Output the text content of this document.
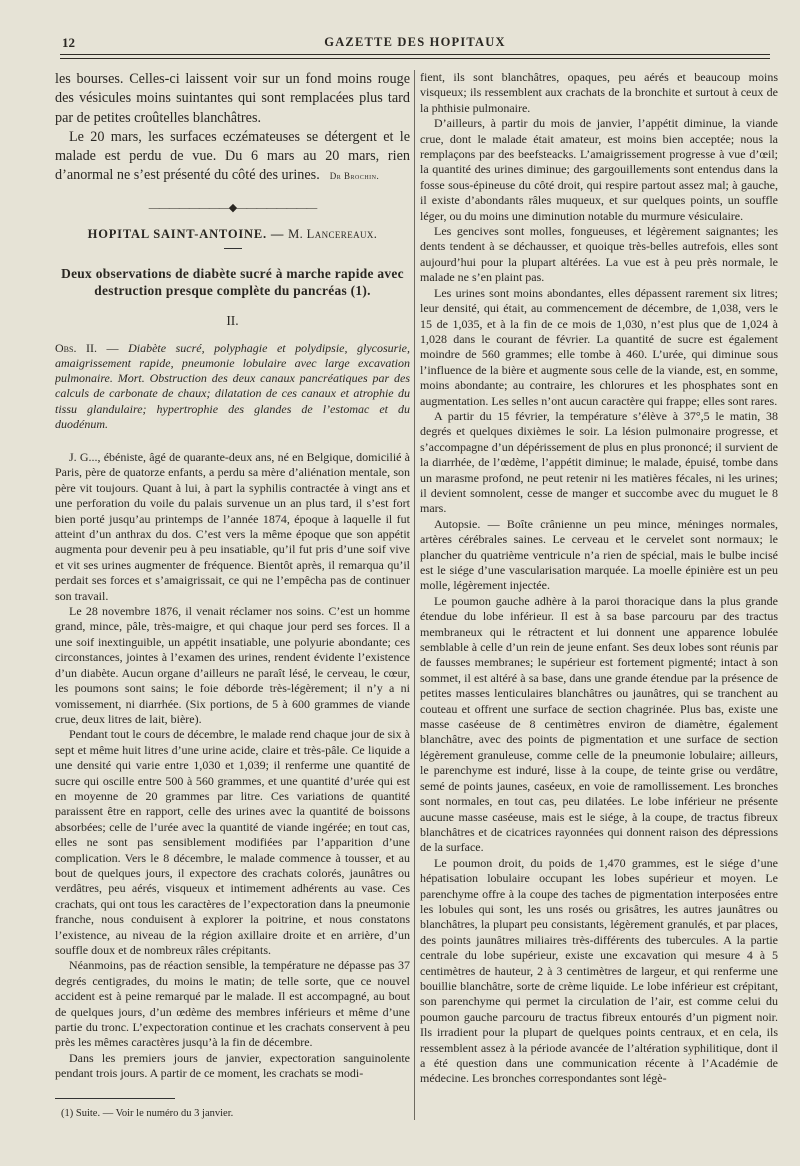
12	GAZETTE DES HOPITAUX

les bourses. Celles-ci laissent voir sur un fond moins rouge des vésicules moins suintantes qui sont remplacées plus tard par de petites croûtelles blanchâtres.

Le 20 mars, les surfaces eczémateuses se détergent et le malade est perdu de vue. Du 6 mars au 20 mars, rien d’anormal ne s’est présenté du côté des urines. Dr Brochin.

————————◆————————

HOPITAL SAINT-ANTOINE. — M. Lancereaux.

Deux observations de diabète sucré à marche rapide avec destruction presque complète du pancréas (1).

II.

Obs. II. — Diabète sucré, polyphagie et polydipsie, glycosurie, amaigrissement rapide, pneumonie lobulaire avec large excavation pulmonaire. Mort. Obstruction des deux canaux pancréatiques par des calculs de carbonate de chaux; dilatation de ces canaux et atrophie du tissu glandulaire; hypertrophie des glandes de l’estomac et du duodénum.

J. G..., ébéniste, âgé de quarante-deux ans, né en Belgique, domicilié à Paris, père de quatorze enfants, a perdu sa mère d’aliénation mentale, son père vit toujours. Quant à lui, à part la syphilis contractée à vingt ans et une perforation du voile du palais survenue un an plus tard, il s’est fort bien porté jusqu’au printemps de l’année 1874, époque à laquelle il fut atteint d’un anthrax du dos. C’est vers la même époque que son appétit augmenta pour devenir peu à peu insatiable, qu’il fut pris d’une soif vive et vit ses urines augmenter de fréquence. Bientôt après, il remarqua qu’il perdait ses forces et s’amaigrissait, ce qui ne l’empêcha pas de continuer son travail.

Le 28 novembre 1876, il venait réclamer nos soins. C’est un homme grand, mince, pâle, très-maigre, et qui chaque jour perd ses forces. Il a une soif inextinguible, un appétit insatiable, une polyurie abondante; ces circonstances, jointes à l’examen des urines, rendent évidente l’existence d’un diabète. Aucun organe d’ailleurs ne paraît lésé, le cerveau, le cœur, les poumons sont sains; le foie déborde très-légèrement; il n’y a ni vomissement, ni diarrhée. (Six portions, de 5 à 600 grammes de viande crue, deux litres de lait, bière).

Pendant tout le cours de décembre, le malade rend chaque jour de six à sept et même huit litres d’une urine acide, claire et très-pâle. Ce liquide a une densité qui varie entre 1,030 et 1,039; il renferme une quantité de sucre qui oscille entre 500 à 560 grammes, et une quantité d’urée qui est en moyenne de 20 grammes par litre. Ces variations de quantité paraissent être en rapport, celle des urines avec la quantité de boissons absorbées; celle de l’urée avec la quantité de viande ingérée; en tout cas, elles ne sont pas sensiblement modifiées par l’apparition d’une complication. Vers le 8 décembre, le malade commence à tousser, et au bout de quelques jours, il expectore des crachats colorés, jaunâtres ou verdâtres, peu aérés, visqueux et intimement adhérents au vase. Ces crachats, qui ont tous les caractères de l’expectoration dans la pneumonie franche, nous conduisent à explorer la poitrine, et nous constatons l’existence, au niveau de la région axillaire droite et en arrière, d’un souffle doux et de nombreux râles crépitants.

Néanmoins, pas de réaction sensible, la température ne dépasse pas 37 degrés centigrades, du moins le matin; de telle sorte, que ce nouvel accident est à peine remarqué par le malade. Il est accompagné, au bout de quelques jours, d’un œdème des membres inférieurs et même d’une partie du tronc. L’expectoration continue et les crachats conservent à peu près les mêmes caractères jusqu’à la fin de décembre.

Dans les premiers jours de janvier, expectoration sanguinolente pendant trois jours. A partir de ce moment, les crachats se modi-

(1) Suite. — Voir le numéro du 3 janvier.

fient, ils sont blanchâtres, opaques, peu aérés et beaucoup moins visqueux; ils ressemblent aux crachats de la bronchite et surtout à ceux de la phthisie pulmonaire.

D’ailleurs, à partir du mois de janvier, l’appétit diminue, la viande crue, dont le malade était amateur, est moins bien acceptée; nous la remplaçons par des beefsteacks. L’amaigrissement progresse à vue d’œil; la quantité des urines diminue; des gargouillements sont entendus dans la fosse sous-épineuse du côté droit, qui respire partout assez mal; à gauche, il existe d’abondants râles muqueux, et sur quelques points, un souffle léger, ou du moins une diminution notable du murmure vésiculaire.

Les gencives sont molles, fongueuses, et légèrement saignantes; les dents tendent à se déchausser, et quoique très-belles autrefois, elles sont aujourd’hui pour la plupart altérées. La vue est à peu près normale, le malade ne s’en plaint pas.

Les urines sont moins abondantes, elles dépassent rarement six litres; leur densité, qui était, au commencement de décembre, de 1,038, vers le 15 de 1,035, et à la fin de ce mois de 1,030, n’est plus que de 1,024 à 1,028 dans le courant de février. La quantité de sucre est également moindre de 560 grammes; elle tombe à 460. L’urée, qui diminue sous l’influence de la bière et augmente sous celle de la viande, est, en somme, moins abondante; au contraire, les chlorures et les phosphates sont en augmentation. Les selles n’ont aucun caractère qui frappe; elles sont rares.

A partir du 15 février, la température s’élève à 37°,5 le matin, 38 degrés et quelques dixièmes le soir. La lésion pulmonaire progresse, et s’accompagne d’un dépérissement de plus en plus prononcé; il survient de la diarrhée, de l’œdème, l’appétit diminue; le malade, épuisé, tombe dans un marasme profond, ne peut retenir ni les matières fécales, ni les urines; il devient somnolent, cesse de manger et succombe avec du muguet le 8 mars.

Autopsie. — Boîte crânienne un peu mince, méninges normales, artères cérébrales saines. Le cerveau et le cervelet sont normaux; le plancher du quatrième ventricule n’a rien de spécial, mais le bulbe incisé est le siége d’une vascularisation marquée. La moelle épinière est un peu molle, légèrement injectée.

Le poumon gauche adhère à la paroi thoracique dans la plus grande étendue du lobe inférieur. Il est à sa base parcouru par des tractus membraneux qui le rétractent et lui donnent une apparence lobulée semblable à celle d’un rein de jeune enfant. Ses deux lobes sont réunis par de fausses membranes; le supérieur est fortement pigmenté; intact à son sommet, il est altéré à sa base, dans une grande étendue par la présence de petites masses lenticulaires blanchâtres ou jaunâtres, qui se tranchent au couteau et offrent une surface de section chagrinée. Plus bas, existe une masse caséeuse de 8 centimètres environ de diamètre, également blanchâtre, avec des points de pigmentation et une surface de section légèrement granuleuse, comme celle de la pneumonie lobulaire; ailleurs, le parenchyme est induré, lisse à la coupe, de teinte grise ou verdâtre, semé de points jaunes, caséeux, en voie de ramollissement. Les bronches sont normales, en tout cas, peu dilatées. Le lobe inférieur ne présente aucune masse caséeuse, mais est le siége, à la coupe, de tractus fibreux blanchâtres et de cicatrices rayonnées qui donnent raison des dépressions de la surface.

Le poumon droit, du poids de 1,470 grammes, est le siége d’une hépatisation lobulaire occupant les lobes supérieur et moyen. Le parenchyme offre à la coupe des taches de pigmentation interposées entre les lobules qui sont, les uns rosés ou grisâtres, les autres jaunâtres ou blanchâtres, la plupart peu consistants, légèrement granulés, et par places, des points jaunâtres miliaires très-différents des tubercules. A la partie centrale du lobe supérieur, existe une excavation qui mesure 4 à 5 centimètres de hauteur, 2 à 3 centimètres de largeur, et qui renferme une bouillie blanchâtre, sorte de crème liquide. Le lobe inférieur est crépitant, son parenchyme qui permet la circulation de l’air, est comme celui du poumon gauche parcouru de tractus fibreux entourés d’un pigment noir. Ils irradient pour la plupart de quelques points centraux, et en cela, ils ressemblent assez à la période avancée de l’altération syphilitique, dont il a été question dans une communication récente à l’Académie de médecine. Les bronches correspondantes sont légè-
